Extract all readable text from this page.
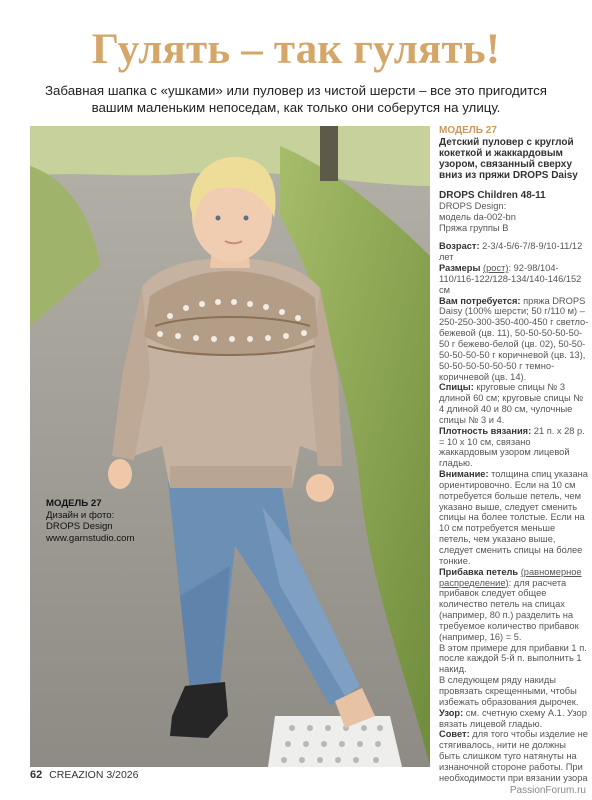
Гулять – так гулять!
Забавная шапка с «ушками» или пуловер из чистой шерсти – все это пригодится вашим маленьким непоседам, как только они соберутся на улицу.
МОДЕЛЬ 27
Дизайн и фото:
DROPS Design
www.garnstudio.com

МОДЕЛЬ 27

Детский пуловер с круглой кокеткой и жаккардовым узором, связанный сверху вниз из пряжи DROPS Daisy

DROPS Children 48-11

DROPS Design:

модель da-002-bn

Пряжа группы B

Возраст: 2-3/4-5/6-7/8-9/10-11/12 лет

Размеры (рост): 92-98/104-110/116-122/128-134/140-146/152 см

Вам потребуется: пряжа DROPS Daisy (100% шерсти; 50 г/110 м) – 250-250-300-350-400-450 г светло-бежевой (цв. 11), 50-50-50-50-50-50 г бежево-белой (цв. 02), 50-50-50-50-50-50 г коричневой (цв. 13), 50-50-50-50-50-50 г темно-коричневой (цв. 14).

Спицы: круговые спицы № 3 длиной 60 см; круговые спицы № 4 длиной 40 и 80 см, чулочные спицы № 3 и 4.

Плотность вязания: 21 п. х 28 р. = 10 х 10 см, связано жаккардовым узором лицевой гладью.

Внимание: толщина спиц указана ориентировочно. Если на 10 см потребуется больше петель, чем указано выше, следует сменить спицы на более толстые. Если на 10 см потребуется меньше петель, чем указано выше, следует сменить спицы на более тонкие.

Прибавка петель (равномерное распределение): для расчета прибавок следует общее количество петель на спицах (например, 80 п.) разделить на требуемое количество прибавок (например, 16) = 5.

В этом примере для прибавки 1 п. после каждой 5-й п. выполнить 1 накид.

В следующем ряду накиды провязать скрещенными, чтобы избежать образования дырочек.

Узор: см. счетную схему А.1. Узор вязать лицевой гладью.

Совет: для того чтобы изделие не стягивалось, нити не должны быть слишком туго натянуты на изнаночной стороне работы. При необходимости при вязании узора

62 CREAZION 3/2026
PassionForum.ru
